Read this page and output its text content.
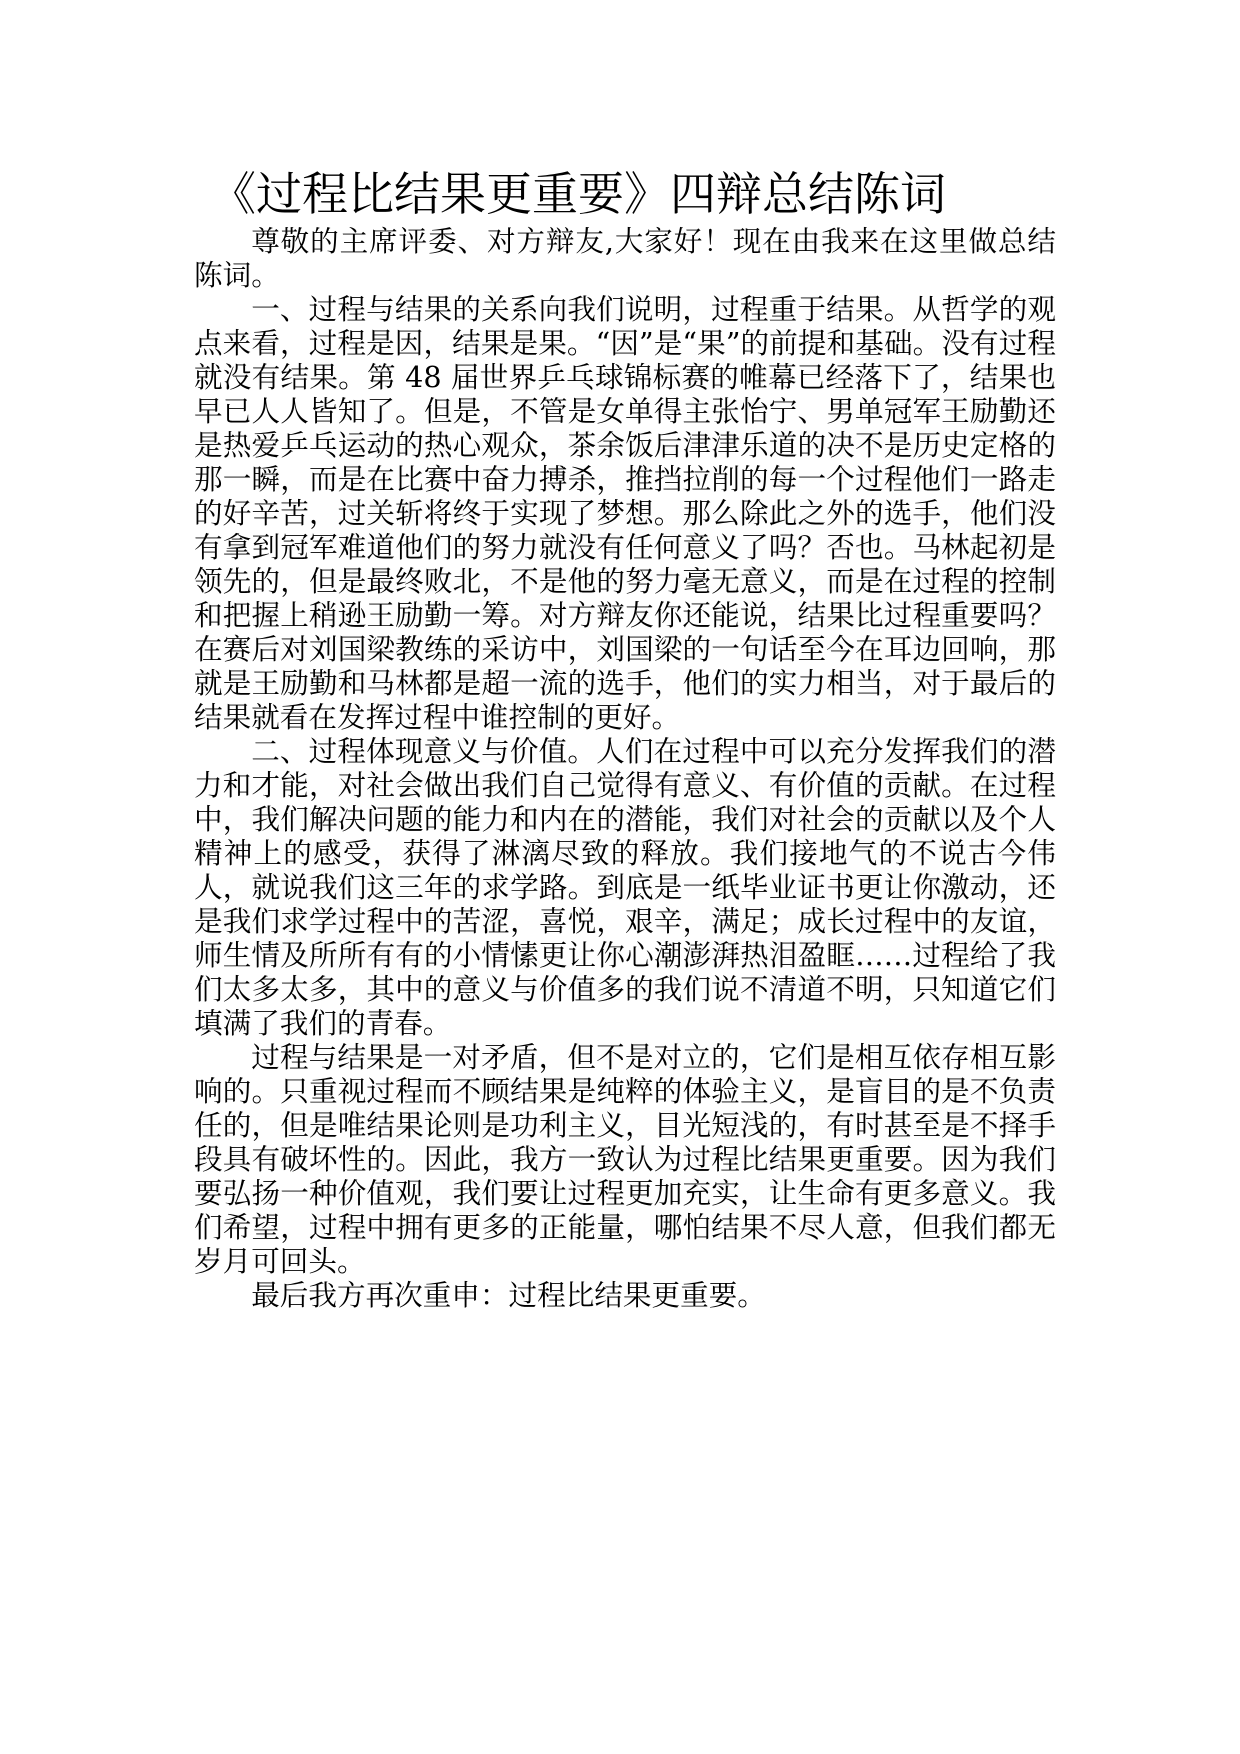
《过程比结果更重要》四辩总结陈词

尊敬的主席评委、对方辩友,大家好！现在由我来在这里做总结陈词。

一、过程与结果的关系向我们说明，过程重于结果。从哲学的观点来看，过程是因，结果是果。“因”是“果”的前提和基础。没有过程就没有结果。第 48 届世界乒乓球锦标赛的帷幕已经落下了，结果也早已人人皆知了。但是，不管是女单得主张怡宁、男单冠军王励勤还是热爱乒乓运动的热心观众，茶余饭后津津乐道的决不是历史定格的那一瞬，而是在比赛中奋力搏杀，推挡拉削的每一个过程他们一路走的好辛苦，过关斩将终于实现了梦想。那么除此之外的选手，他们没有拿到冠军难道他们的努力就没有任何意义了吗？否也。马林起初是领先的，但是最终败北，不是他的努力毫无意义，而是在过程的控制和把握上稍逊王励勤一筹。对方辩友你还能说，结果比过程重要吗？在赛后对刘国梁教练的采访中，刘国梁的一句话至今在耳边回响，那就是王励勤和马林都是超一流的选手，他们的实力相当，对于最后的结果就看在发挥过程中谁控制的更好。

二、过程体现意义与价值。人们在过程中可以充分发挥我们的潜力和才能，对社会做出我们自己觉得有意义、有价值的贡献。在过程中，我们解决问题的能力和内在的潜能，我们对社会的贡献以及个人精神上的感受，获得了淋漓尽致的释放。我们接地气的不说古今伟人，就说我们这三年的求学路。到底是一纸毕业证书更让你激动，还是我们求学过程中的苦涩，喜悦，艰辛，满足；成长过程中的友谊，师生情及所所有有的小情愫更让你心潮澎湃热泪盈眶……过程给了我们太多太多，其中的意义与价值多的我们说不清道不明，只知道它们填满了我们的青春。

过程与结果是一对矛盾，但不是对立的，它们是相互依存相互影响的。只重视过程而不顾结果是纯粹的体验主义，是盲目的是不负责任的，但是唯结果论则是功利主义，目光短浅的，有时甚至是不择手段具有破坏性的。因此，我方一致认为过程比结果更重要。因为我们要弘扬一种价值观，我们要让过程更加充实，让生命有更多意义。我们希望，过程中拥有更多的正能量，哪怕结果不尽人意，但我们都无岁月可回头。

最后我方再次重申：过程比结果更重要。
